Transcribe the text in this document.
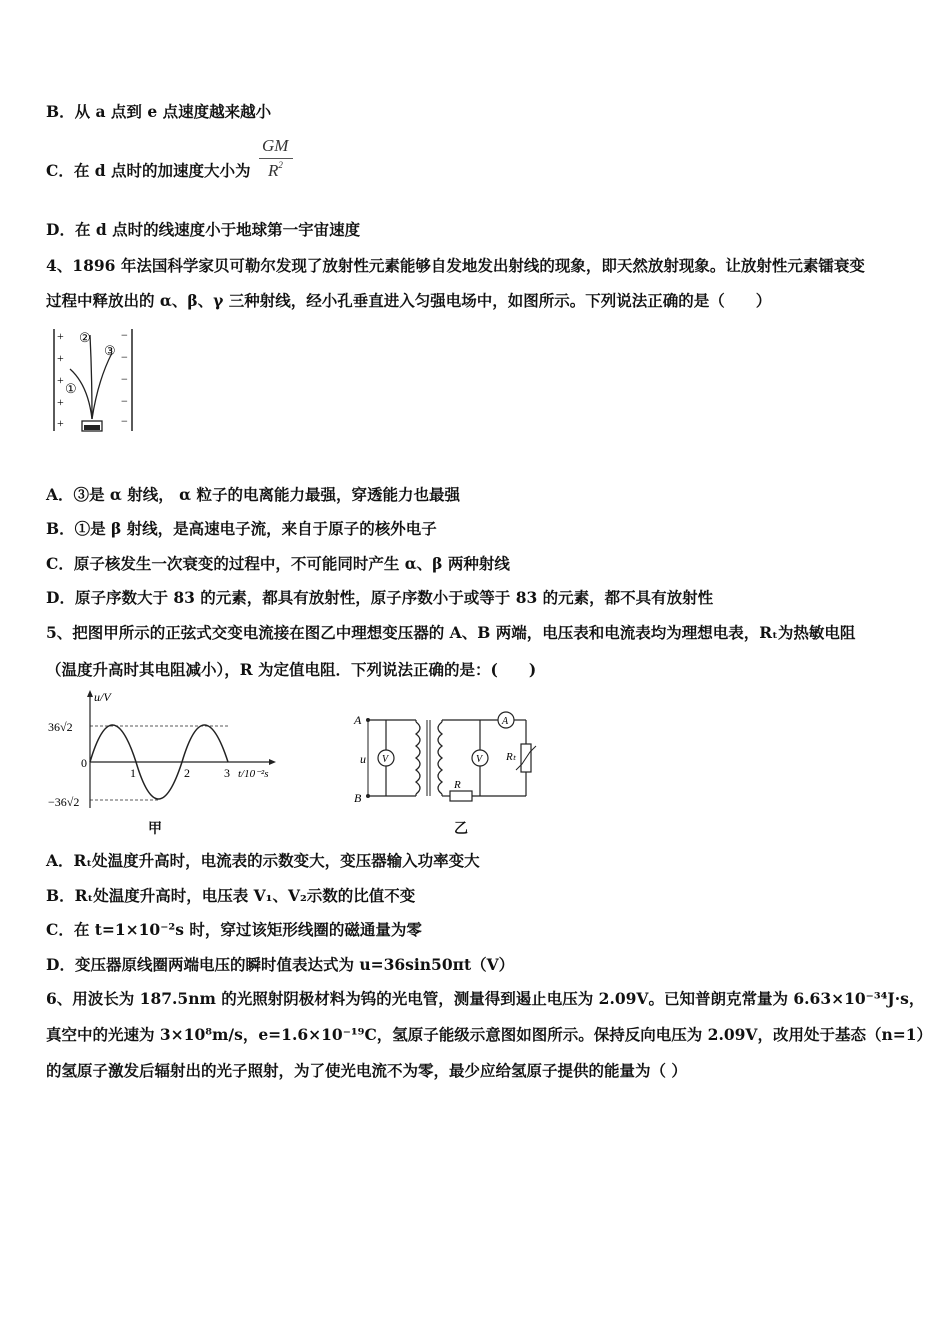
B．从 a 点到 e 点速度越来越小
C．在 d 点时的加速度大小为
GM
$R^2$
D．在 d 点时的线速度小于地球第一宇宙速度
4、1896 年法国科学家贝可勒尔发现了放射性元素能够自发地发出射线的现象，即天然放射现象。让放射性元素镭衰变
过程中释放出的 α、β、γ 三种射线，经小孔垂直进入匀强电场中，如图所示。下列说法正确的是（　　）
+
+
+
+
+
−
−
−
−
−
①
②
③
A．③是 α 射线， α 粒子的电离能力最强，穿透能力也最强
B．①是 β 射线，是高速电子流，来自于原子的核外电子
C．原子核发生一次衰变的过程中，不可能同时产生 α、β 两种射线
D．原子序数大于 83 的元素，都具有放射性，原子序数小于或等于 83 的元素，都不具有放射性
5、把图甲所示的正弦式交变电流接在图乙中理想变压器的 A、B 两端，电压表和电流表均为理想电表，Rₜ为热敏电阻
（温度升高时其电阻减小），R 为定值电阻．下列说法正确的是：(　　)
u/V
36√2
−36√2
0
1	2	3 t/10⁻²s
甲
A
B
u V
A
V Rₜ
R
乙
A．Rₜ处温度升高时，电流表的示数变大，变压器输入功率变大
B．Rₜ处温度升高时，电压表 V₁、V₂示数的比值不变
C．在 t=1×10⁻²s 时，穿过该矩形线圈的磁通量为零
D．变压器原线圈两端电压的瞬时值表达式为 u=36sin50πt（V）
6、用波长为 187.5nm 的光照射阴极材料为钨的光电管，测量得到遏止电压为 2.09V。已知普朗克常量为 6.63×10⁻³⁴J·s，
真空中的光速为 3×10⁸m/s，e=1.6×10⁻¹⁹C，氢原子能级示意图如图所示。保持反向电压为 2.09V，改用处于基态（n=1）
的氢原子激发后辐射出的光子照射，为了使光电流不为零，最少应给氢原子提供的能量为（ ）
